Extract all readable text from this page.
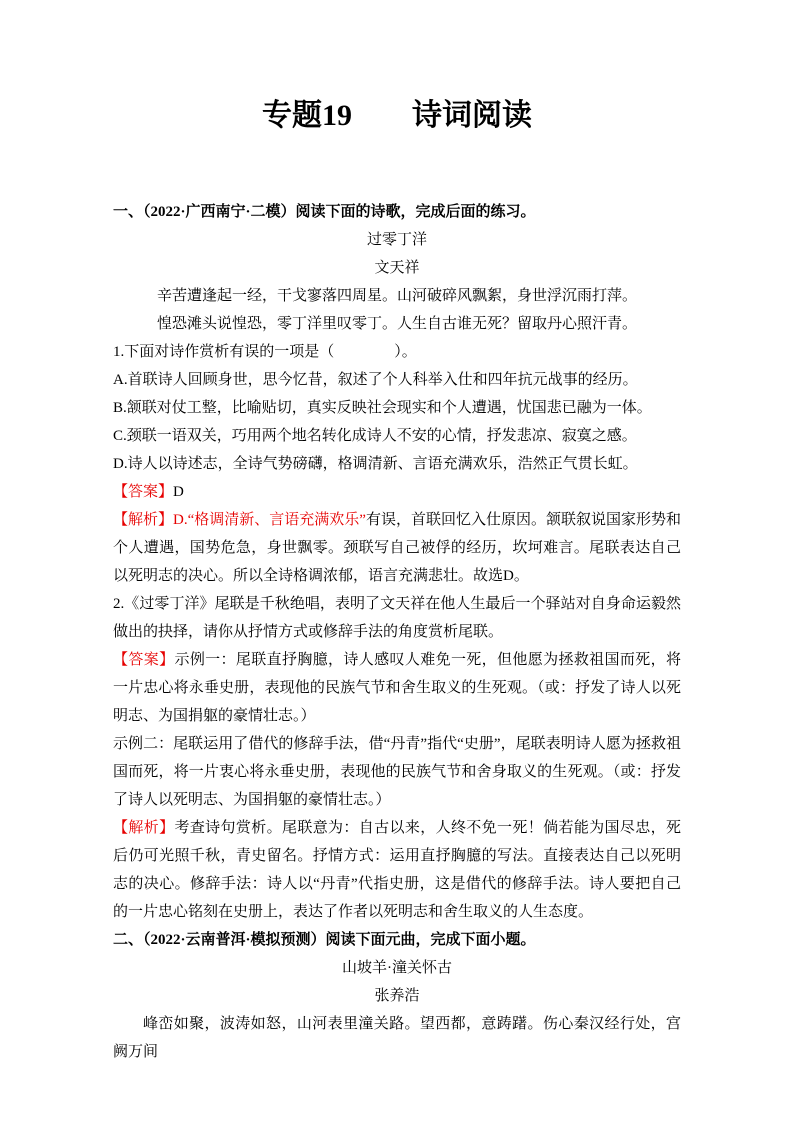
专题19　　诗词阅读

一、（2022·广西南宁·二模）阅读下面的诗歌，完成后面的练习。

过零丁洋

文天祥

辛苦遭逢起一经，干戈寥落四周星。山河破碎风飘絮，身世浮沉雨打萍。

惶恐滩头说惶恐，零丁洋里叹零丁。人生自古谁无死？留取丹心照汗青。

1.下面对诗作赏析有误的一项是（　　　　）。

A.首联诗人回顾身世，思今忆昔，叙述了个人科举入仕和四年抗元战事的经历。

B.颔联对仗工整，比喻贴切，真实反映社会现实和个人遭遇，忧国悲已融为一体。

C.颈联一语双关，巧用两个地名转化成诗人不安的心情，抒发悲凉、寂寞之感。

D.诗人以诗述志，全诗气势磅礴，格调清新、言语充满欢乐，浩然正气贯长虹。

【答案】D

【解析】D.“格调清新、言语充满欢乐”有误，首联回忆入仕原因。颔联叙说国家形势和个人遭遇，国势危急，身世飘零。颈联写自己被俘的经历，坎坷难言。尾联表达自己以死明志的决心。所以全诗格调浓郁，语言充满悲壮。故选D。

2.《过零丁洋》尾联是千秋绝唱，表明了文天祥在他人生最后一个驿站对自身命运毅然做出的抉择，请你从抒情方式或修辞手法的角度赏析尾联。

【答案】示例一：尾联直抒胸臆，诗人感叹人难免一死，但他愿为拯救祖国而死，将一片忠心将永垂史册，表现他的民族气节和舍生取义的生死观。（或：抒发了诗人以死明志、为国捐躯的豪情壮志。）

示例二：尾联运用了借代的修辞手法，借“丹青”指代“史册”，尾联表明诗人愿为拯救祖国而死，将一片衷心将永垂史册，表现他的民族气节和舍身取义的生死观。（或：抒发了诗人以死明志、为国捐躯的豪情壮志。）

【解析】考查诗句赏析。尾联意为：自古以来，人终不免一死！倘若能为国尽忠，死后仍可光照千秋，青史留名。抒情方式：运用直抒胸臆的写法。直接表达自己以死明志的决心。修辞手法：诗人以“丹青”代指史册，这是借代的修辞手法。诗人要把自己的一片忠心铭刻在史册上，表达了作者以死明志和舍生取义的人生态度。

二、（2022·云南普洱·模拟预测）阅读下面元曲，完成下面小题。

山坡羊·潼关怀古

张养浩

峰峦如聚，波涛如怒，山河表里潼关路。望西都，意踌躇。伤心秦汉经行处，宫阙万间
